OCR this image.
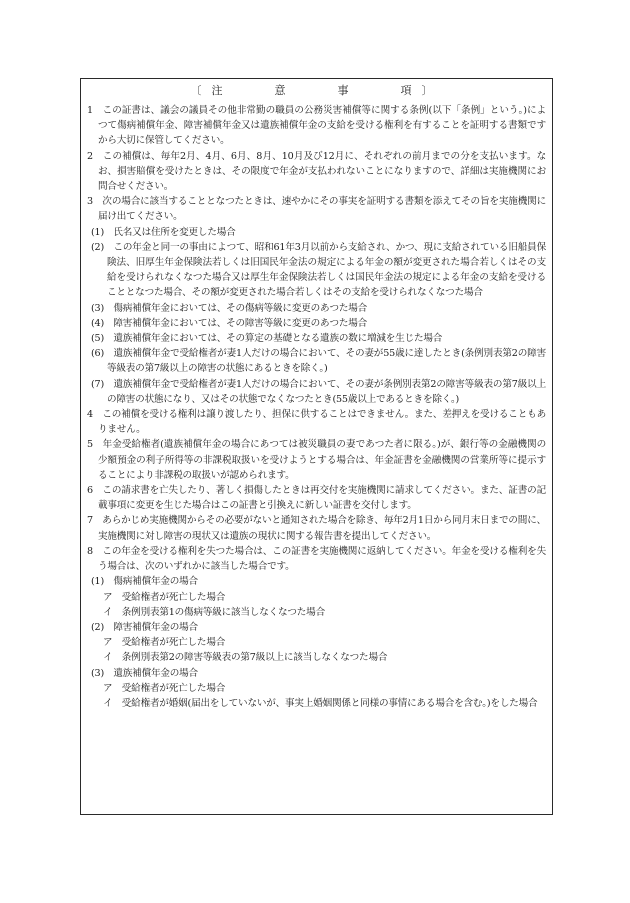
〔注　　意　　事　　項〕
1　この証書は、議会の議員その他非常勤の職員の公務災害補償等に関する条例(以下「条例」という。)によつて傷病補償年金、障害補償年金又は遺族補償年金の支給を受ける権利を有することを証明する書類ですから大切に保管してください。
2　この補償は、毎年2月、4月、6月、8月、10月及び12月に、それぞれの前月までの分を支払います。なお、損害賠償を受けたときは、その限度で年金が支払われないことになりますので、詳細は実施機関にお問合せください。
3　次の場合に該当することとなつたときは、速やかにその事実を証明する書類を添えてその旨を実施機関に届け出てください。
(1)　氏名又は住所を変更した場合
(2)　この年金と同一の事由によつて、昭和61年3月以前から支給され、かつ、現に支給されている旧船員保険法、旧厚生年金保険法若しくは旧国民年金法の規定による年金の額が変更された場合若しくはその支給を受けられなくなつた場合又は厚生年金保険法若しくは国民年金法の規定による年金の支給を受けることとなつた場合、その額が変更された場合若しくはその支給を受けられなくなつた場合
(3)　傷病補償年金においては、その傷病等級に変更のあつた場合
(4)　障害補償年金においては、その障害等級に変更のあつた場合
(5)　遺族補償年金においては、その算定の基礎となる遺族の数に増減を生じた場合
(6)　遺族補償年金で受給権者が妻1人だけの場合において、その妻が55歳に達したとき(条例別表第2の障害等級表の第7級以上の障害の状態にあるときを除く。)
(7)　遺族補償年金で受給権者が妻1人だけの場合において、その妻が条例別表第2の障害等級表の第7級以上の障害の状態になり、又はその状態でなくなつたとき(55歳以上であるときを除く。)
4　この補償を受ける権利は譲り渡したり、担保に供することはできません。また、差押えを受けることもありません。
5　年金受給権者(遺族補償年金の場合にあつては被災職員の妻であつた者に限る。)が、銀行等の金融機関の少額預金の利子所得等の非課税取扱いを受けようとする場合は、年金証書を金融機関の営業所等に提示することにより非課税の取扱いが認められます。
6　この請求書を亡失したり、著しく損傷したときは再交付を実施機関に請求してください。また、証書の記載事項に変更を生じた場合はこの証書と引換えに新しい証書を交付します。
7　あらかじめ実施機関からその必要がないと通知された場合を除き、毎年2月1日から同月末日までの間に、実施機関に対し障害の現状又は遺族の現状に関する報告書を提出してください。
8　この年金を受ける権利を失つた場合は、この証書を実施機関に返納してください。年金を受ける権利を失う場合は、次のいずれかに該当した場合です。
(1)　傷病補償年金の場合
ア　受給権者が死亡した場合
イ　条例別表第1の傷病等級に該当しなくなつた場合
(2)　障害補償年金の場合
ア　受給権者が死亡した場合
イ　条例別表第2の障害等級表の第7級以上に該当しなくなつた場合
(3)　遺族補償年金の場合
ア　受給権者が死亡した場合
イ　受給権者が婚姻(届出をしていないが、事実上婚姻関係と同様の事情にある場合を含む。)をした場合
